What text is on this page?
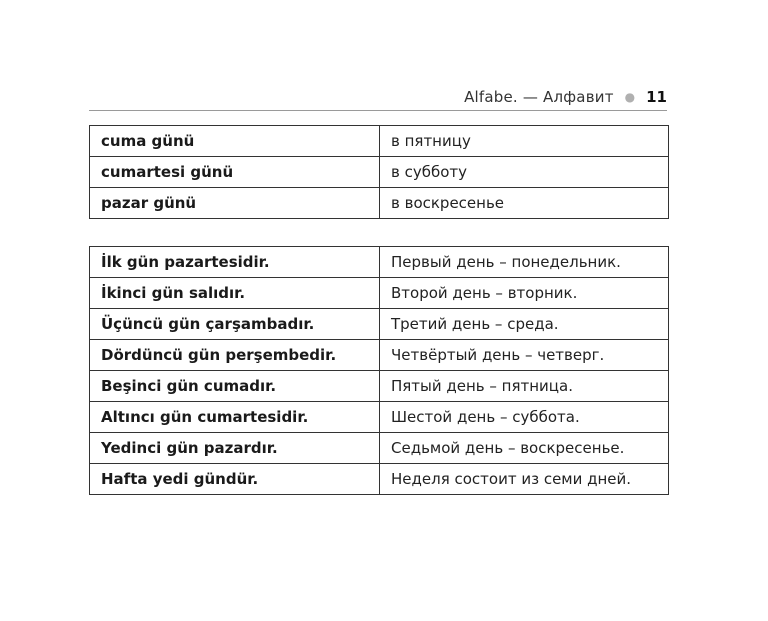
Alfabe. — Алфавит ● 11
cuma günü	в пятницу
cumartesi günü	в субботу
pazar günü	в воскресенье
İlk gün pazartesidir.	Первый день – понедельник.
İkinci gün salıdır.	Второй день – вторник.
Üçüncü gün çarşambadır.	Третий день – среда.
Dördüncü gün perşembedir.	Четвёртый день – четверг.
Beşinci gün cumadır.	Пятый день – пятница.
Altıncı gün cumartesidir.	Шестой день – суббота.
Yedinci gün pazardır.	Седьмой день – воскресенье.
Hafta yedi gündür.	Неделя состоит из семи дней.
